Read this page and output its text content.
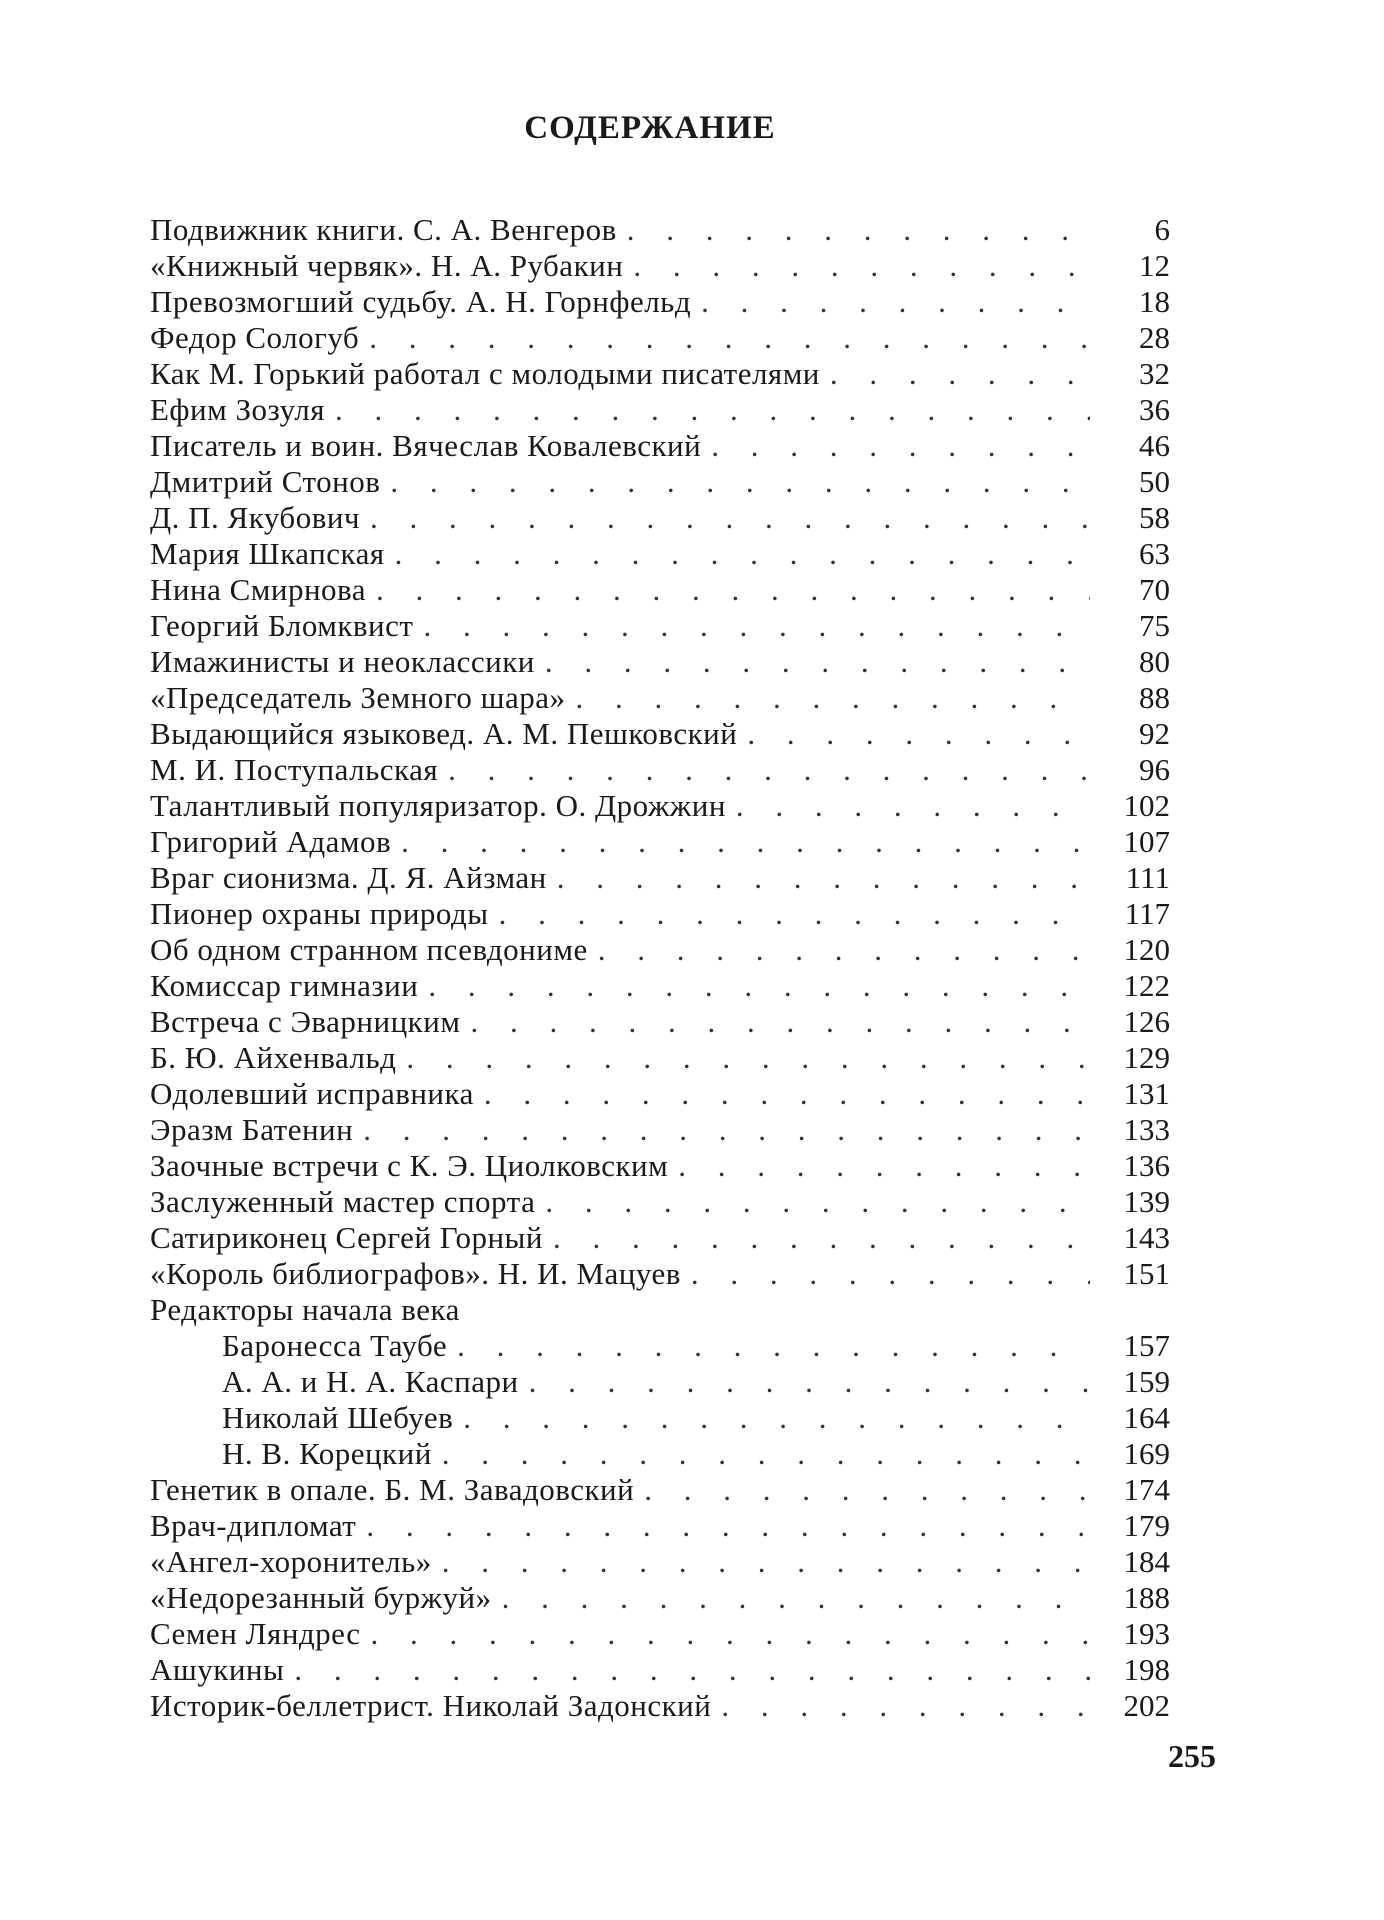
СОДЕРЖАНИЕ
Подвижник книги. С. А. Венгеров . . .	6
«Книжный червяк». Н. А. Рубакин . . .	12
Превозмогший судьбу. А. Н. Горнфельд . . .	18
Федор Сологуб . . .	28
Как М. Горький работал с молодыми писателями . . .	32
Ефим Зозуля . . .	36
Писатель и воин. Вячеслав Ковалевский . . .	46
Дмитрий Стонов . . .	50
Д. П. Якубович . . .	58
Мария Шкапская . . .	63
Нина Смирнова . . .	70
Георгий Бломквист . . .	75
Имажинисты и неоклассики . . .	80
«Председатель Земного шара» . . .	88
Выдающийся языковед. А. М. Пешковский . . .	92
М. И. Поступальская . . .	96
Талантливый популяризатор. О. Дрожжин . . .	102
Григорий Адамов . . .	107
Враг сионизма. Д. Я. Айзман . . .	111
Пионер охраны природы . . .	117
Об одном странном псевдониме . . .	120
Комиссар гимназии . . .	122
Встреча с Эварницким . . .	126
Б. Ю. Айхенвальд . . .	129
Одолевший исправника . . .	131
Эразм Батенин . . .	133
Заочные встречи с К. Э. Циолковским . . .	136
Заслуженный мастер спорта . . .	139
Сатириконец Сергей Горный . . .	143
«Король библиографов». Н. И. Мацуев . . .	151
Редакторы начала века
Баронесса Таубе . . .	157
А. А. и Н. А. Каспари . . .	159
Николай Шебуев . . .	164
Н. В. Корецкий . . .	169
Генетик в опале. Б. М. Завадовский . . .	174
Врач-дипломат . . .	179
«Ангел-хоронитель» . . .	184
«Недорезанный буржуй» . . .	188
Семен Ляндрес . . .	193
Ашукины . . .	198
Историк-беллетрист. Николай Задонский . . .	202
255
